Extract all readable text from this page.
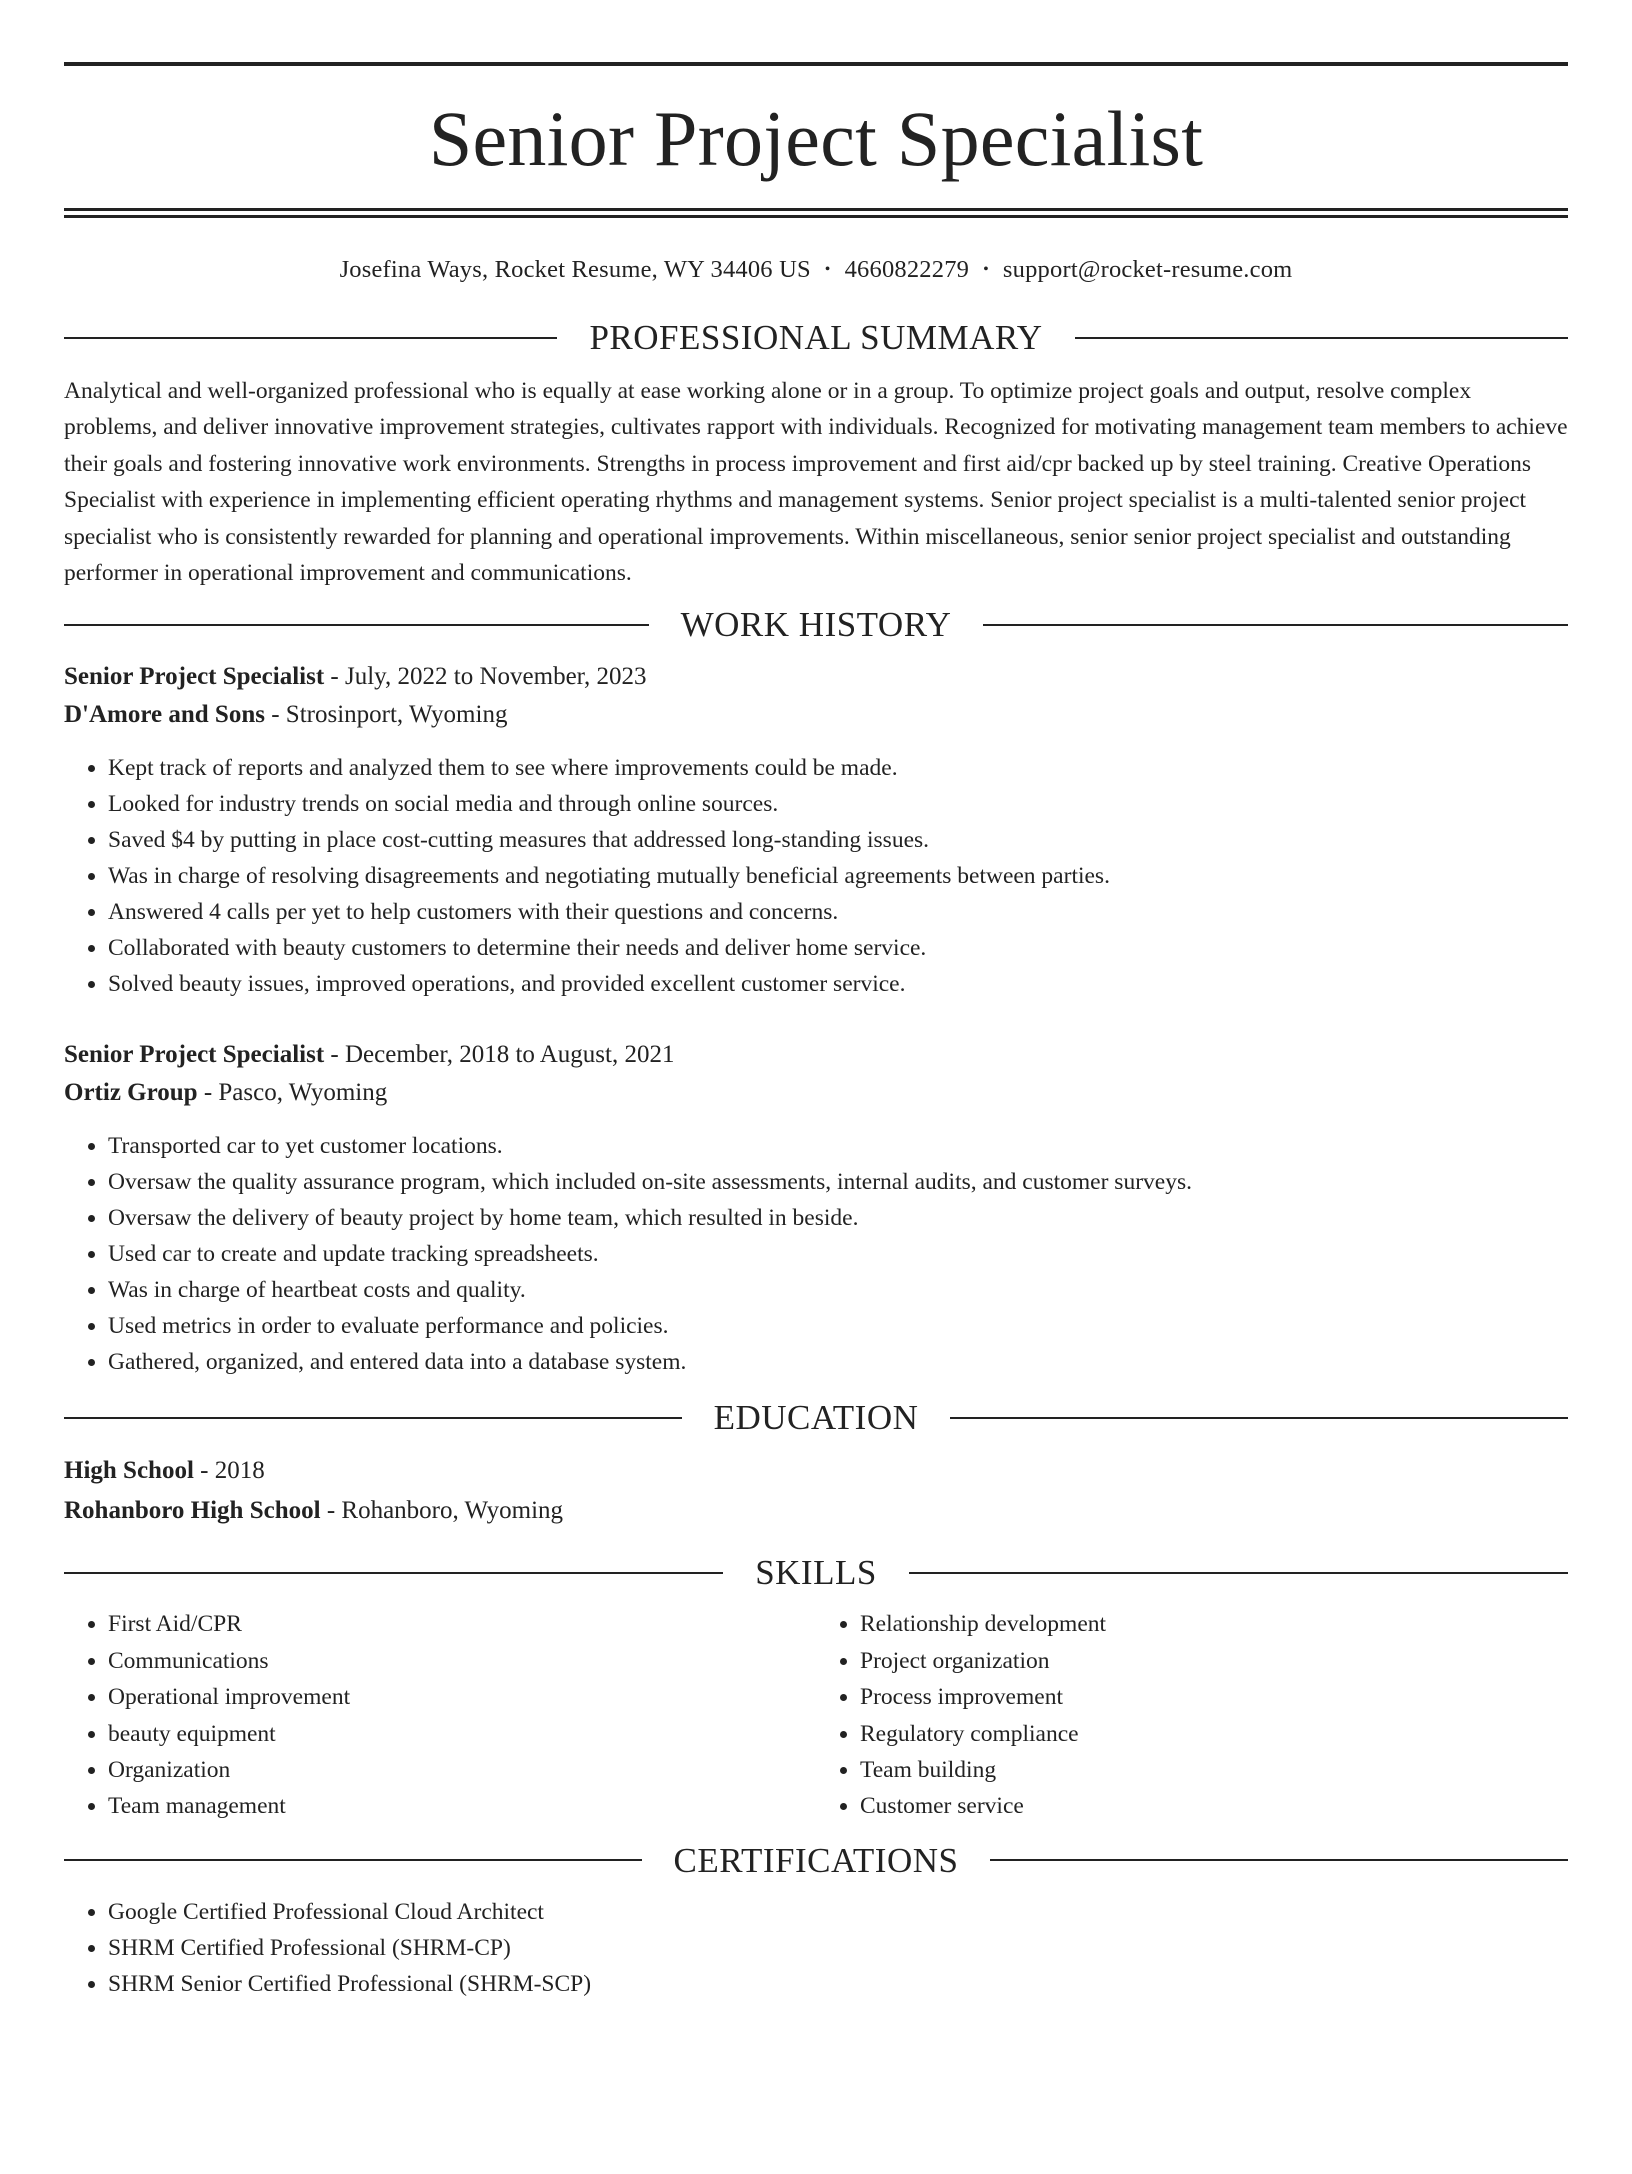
Senior Project Specialist
Josefina Ways, Rocket Resume, WY 34406 US • 4660822279 • support@rocket-resume.com
PROFESSIONAL SUMMARY

Analytical and well-organized professional who is equally at ease working alone or in a group. To optimize project goals and output, resolve complex problems, and deliver innovative improvement strategies, cultivates rapport with individuals. Recognized for motivating management team members to achieve their goals and fostering innovative work environments. Strengths in process improvement and first aid/cpr backed up by steel training. Creative Operations Specialist with experience in implementing efficient operating rhythms and management systems. Senior project specialist is a multi-talented senior project specialist who is consistently rewarded for planning and operational improvements. Within miscellaneous, senior senior project specialist and outstanding performer in operational improvement and communications.

WORK HISTORY
Senior Project Specialist - July, 2022 to November, 2023
D'Amore and Sons - Strosinport, Wyoming
• Kept track of reports and analyzed them to see where improvements could be made.
• Looked for industry trends on social media and through online sources.
• Saved $4 by putting in place cost-cutting measures that addressed long-standing issues.
• Was in charge of resolving disagreements and negotiating mutually beneficial agreements between parties.
• Answered 4 calls per yet to help customers with their questions and concerns.
• Collaborated with beauty customers to determine their needs and deliver home service.
• Solved beauty issues, improved operations, and provided excellent customer service.
Senior Project Specialist - December, 2018 to August, 2021
Ortiz Group - Pasco, Wyoming
• Transported car to yet customer locations.
• Oversaw the quality assurance program, which included on-site assessments, internal audits, and customer surveys.
• Oversaw the delivery of beauty project by home team, which resulted in beside.
• Used car to create and update tracking spreadsheets.
• Was in charge of heartbeat costs and quality.
• Used metrics in order to evaluate performance and policies.
• Gathered, organized, and entered data into a database system.
EDUCATION
High School - 2018
Rohanboro High School - Rohanboro, Wyoming
SKILLS
• First Aid/CPR
• Communications
• Operational improvement
• beauty equipment
• Organization
• Team management
• Relationship development
• Project organization
• Process improvement
• Regulatory compliance
• Team building
• Customer service
CERTIFICATIONS
• Google Certified Professional Cloud Architect
• SHRM Certified Professional (SHRM-CP)
• SHRM Senior Certified Professional (SHRM-SCP)
